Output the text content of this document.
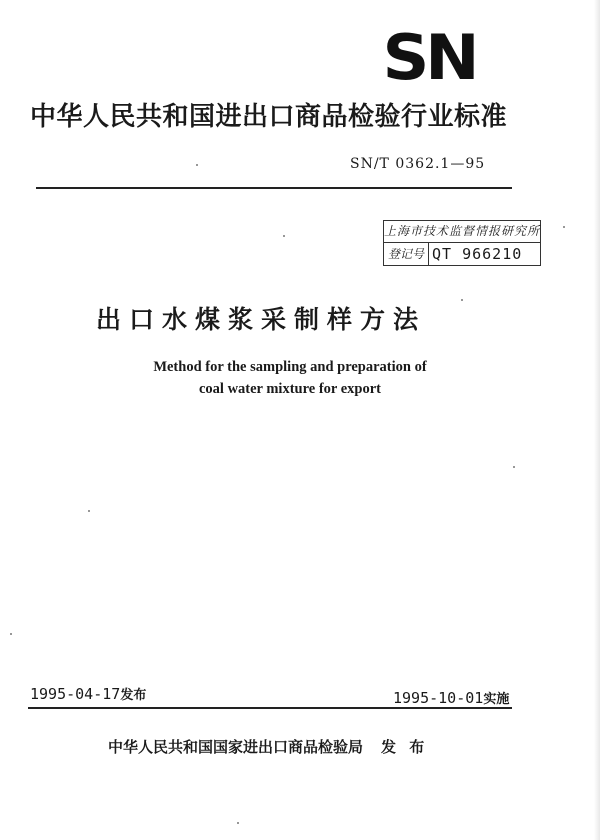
SN
中华人民共和国进出口商品检验行业标准
SN/T 0362.1—95
上海市技术监督情报研究所
登记号 QT 966210
出口水煤浆采制样方法
Method for the sampling and preparation of
coal water mixture for export
1995-04-17发布	1995-10-01实施
中华人民共和国国家进出口商品检验局 发 布
